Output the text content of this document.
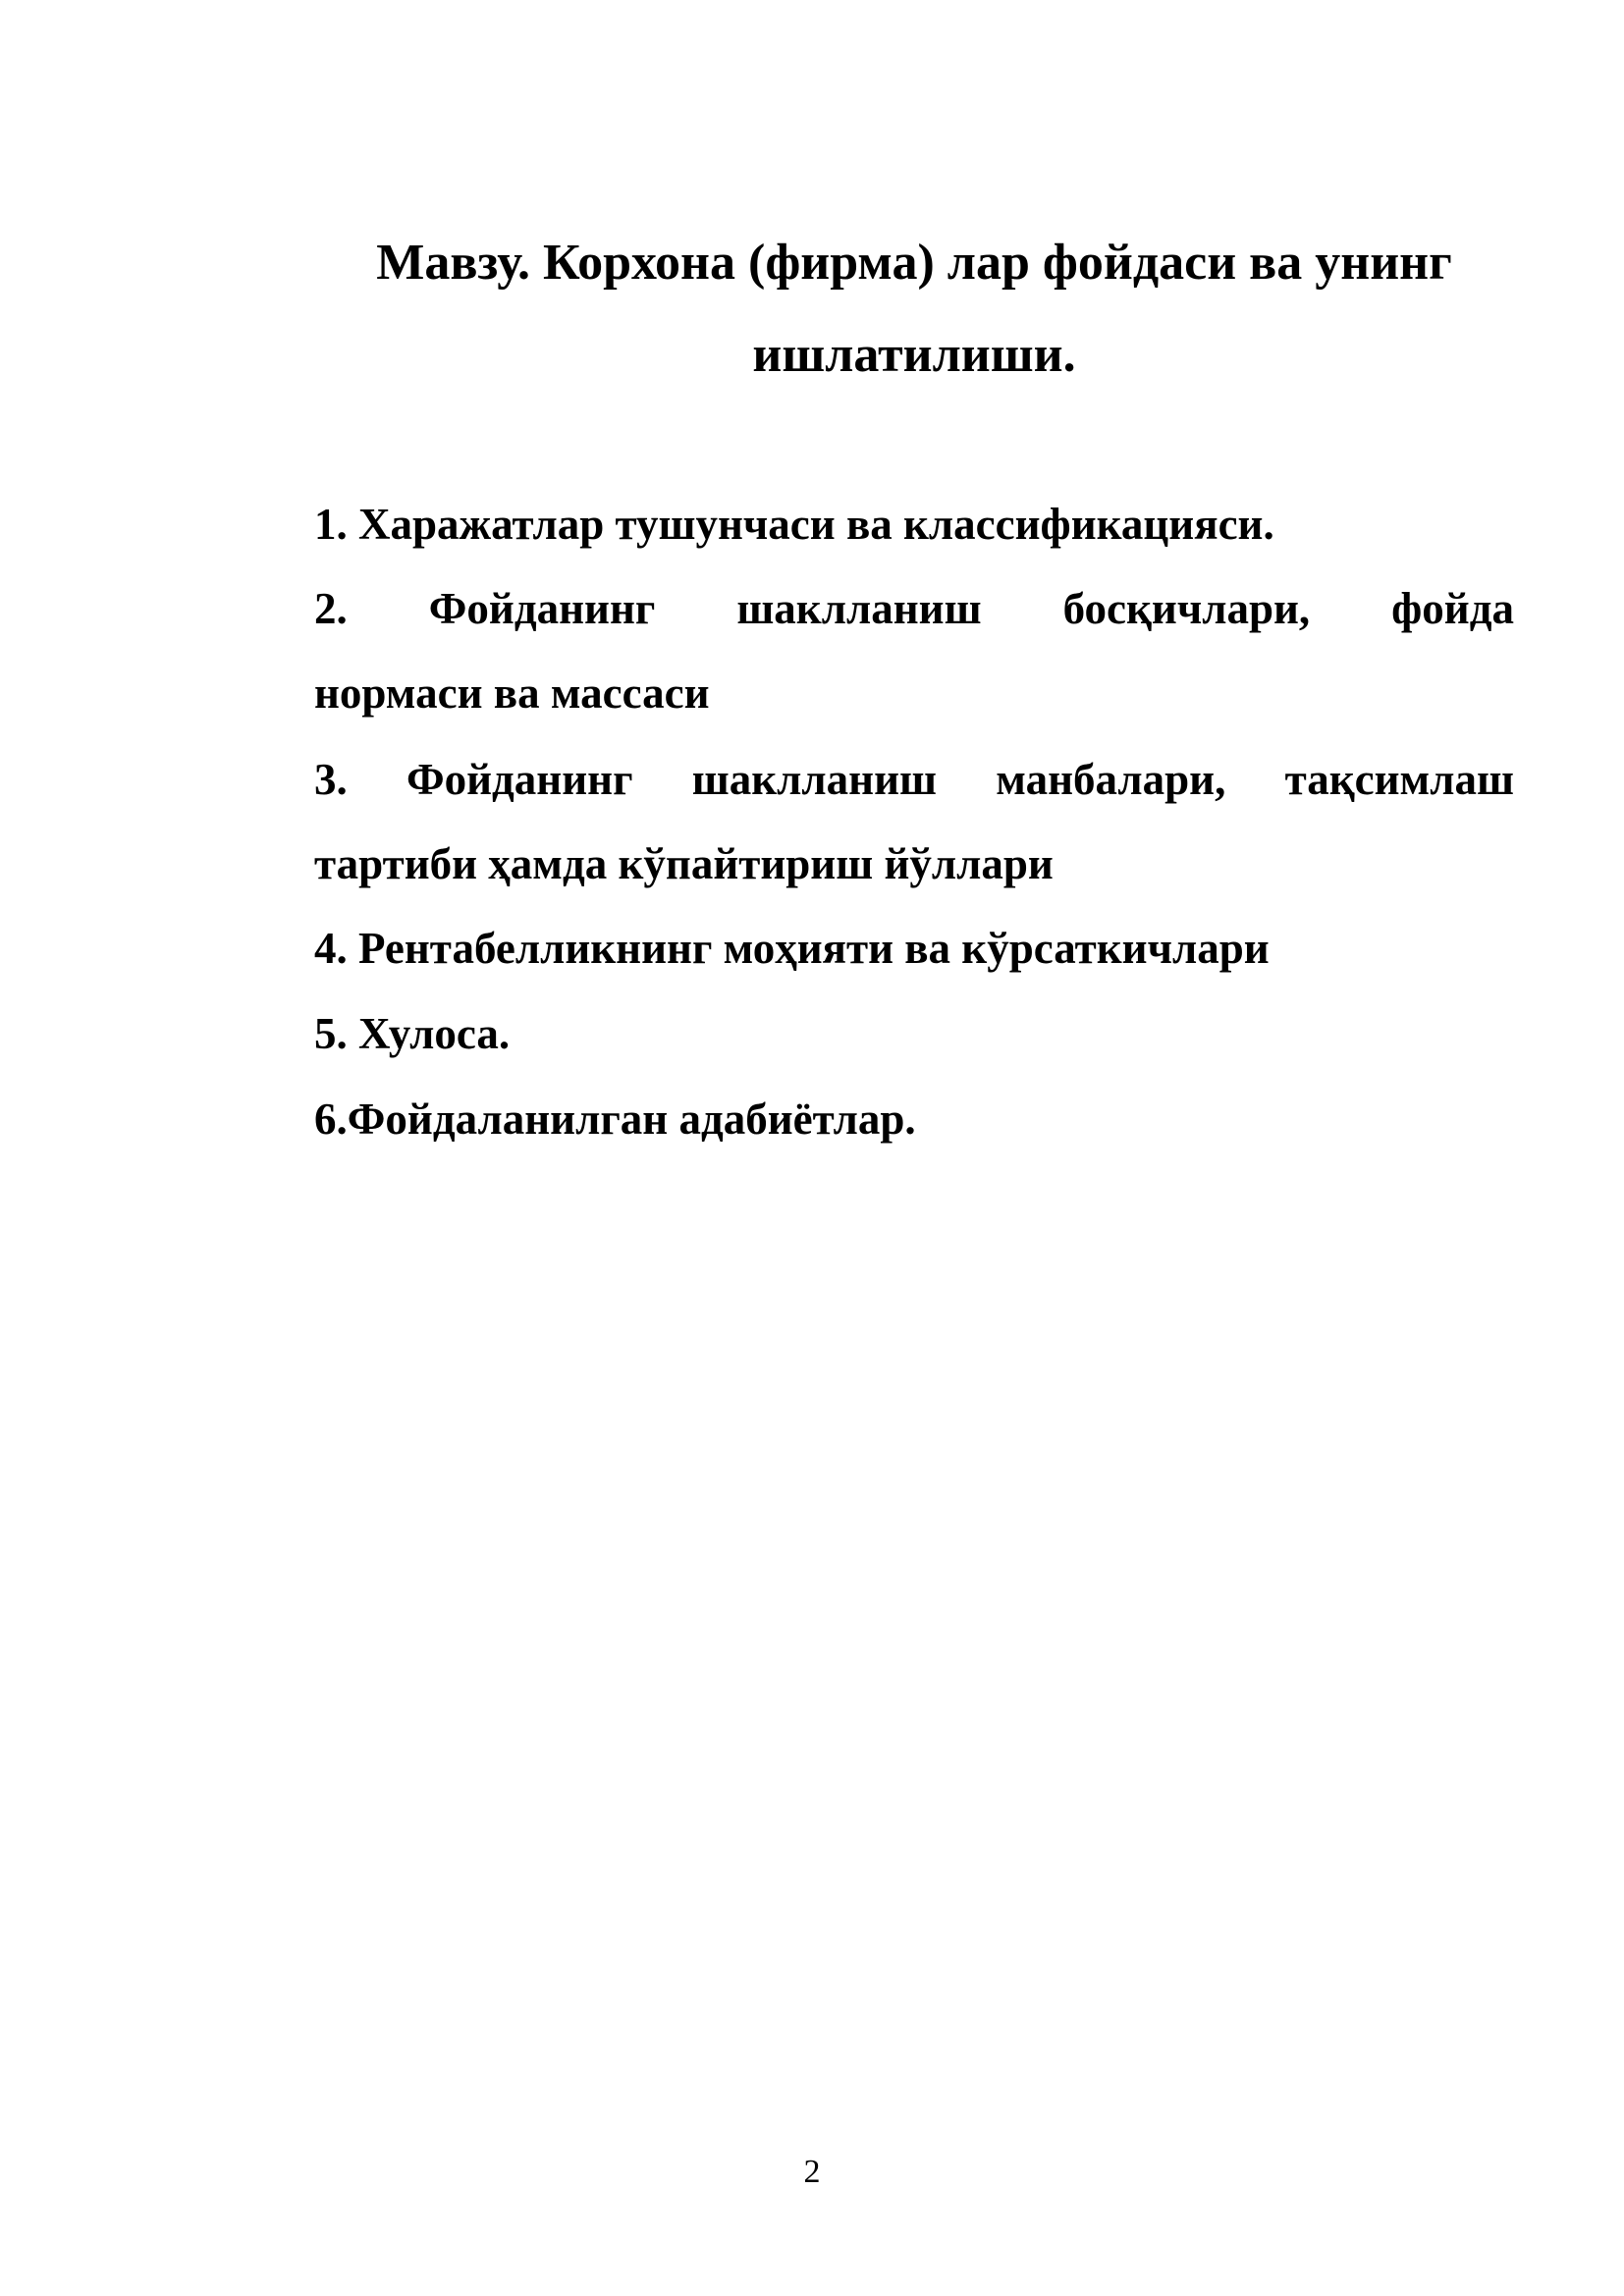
Мавзу. Корхона (фирма) лар фойдаси ва унинг
ишлатилиши.
1. Харажатлар тушунчаси ва классификацияси.
2. Фойданинг шаклланиш босқичлари, фойда
нормаси ва массаси
3. Фойданинг шаклланиш манбалари, тақсимлаш
тартиби ҳамда кўпайтириш йўллари
4. Рентабелликнинг моҳияти ва кўрсаткичлари
5. Хулоса.
6.Фойдаланилган адабиётлар.
2
